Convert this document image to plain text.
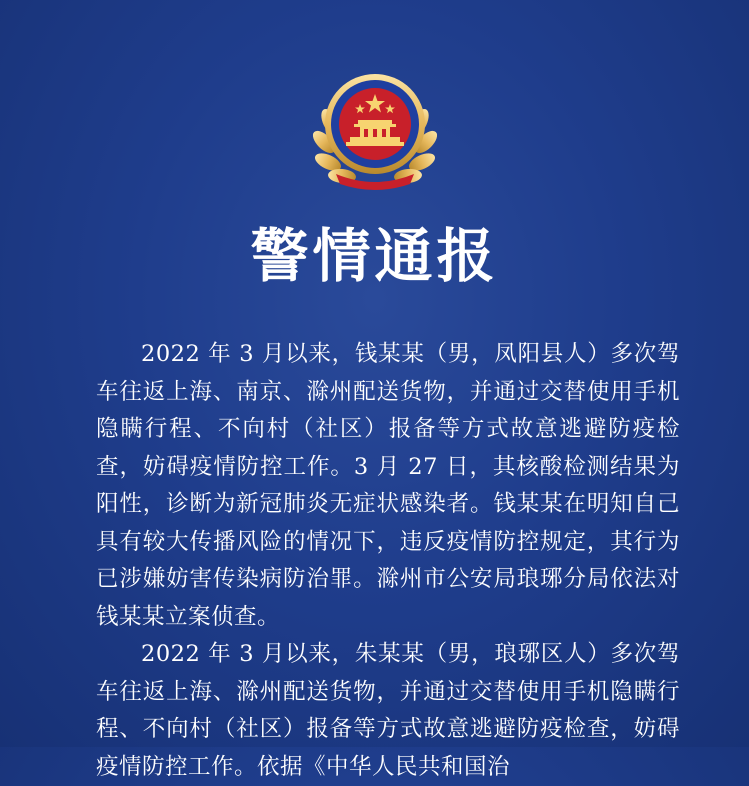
警情通报

2022 年 3 月以来，钱某某（男，凤阳县人）多次驾车往返上海、南京、滁州配送货物，并通过交替使用手机隐瞒行程、不向村（社区）报备等方式故意逃避防疫检查，妨碍疫情防控工作。3 月 27 日，其核酸检测结果为阳性，诊断为新冠肺炎无症状感染者。钱某某在明知自己具有较大传播风险的情况下，违反疫情防控规定，其行为已涉嫌妨害传染病防治罪。滁州市公安局琅琊分局依法对钱某某立案侦查。

2022 年 3 月以来，朱某某（男，琅琊区人）多次驾车往返上海、滁州配送货物，并通过交替使用手机隐瞒行程、不向村（社区）报备等方式故意逃避防疫检查，妨碍疫情防控工作。依据《中华人民共和国治
